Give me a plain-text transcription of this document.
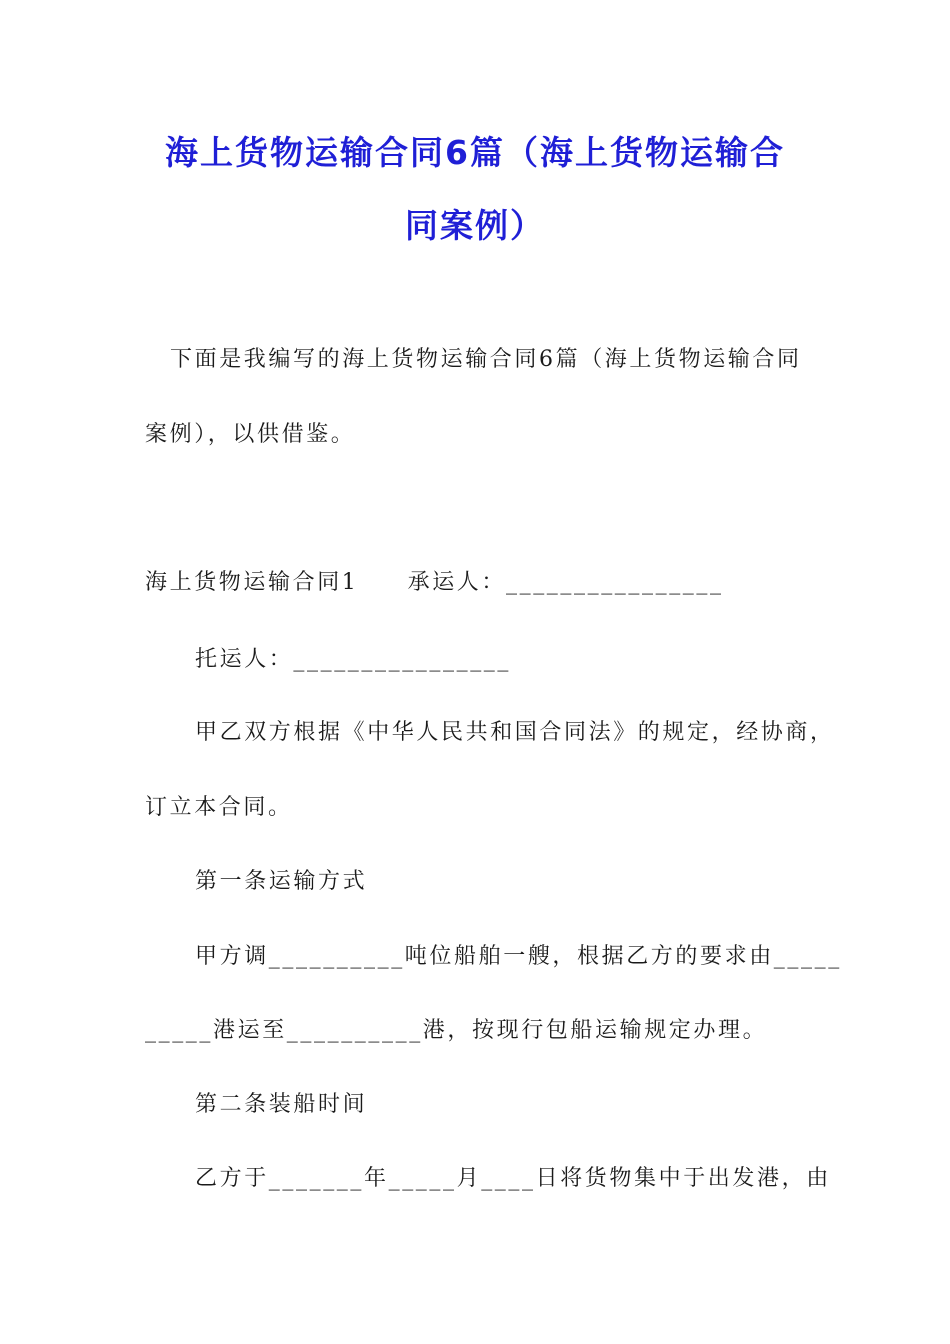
海上货物运输合同6篇（海上货物运输合
同案例）
下面是我编写的海上货物运输合同6篇（海上货物运输合同
案例），以供借鉴。
海上货物运输合同1　　承运人：________________
托运人：________________
甲乙双方根据《中华人民共和国合同法》的规定，经协商，
订立本合同。
第一条运输方式
甲方调__________吨位船舶一艘，根据乙方的要求由_____
_____港运至__________港，按现行包船运输规定办理。
第二条装船时间
乙方于_______年_____月____日将货物集中于出发港，由
